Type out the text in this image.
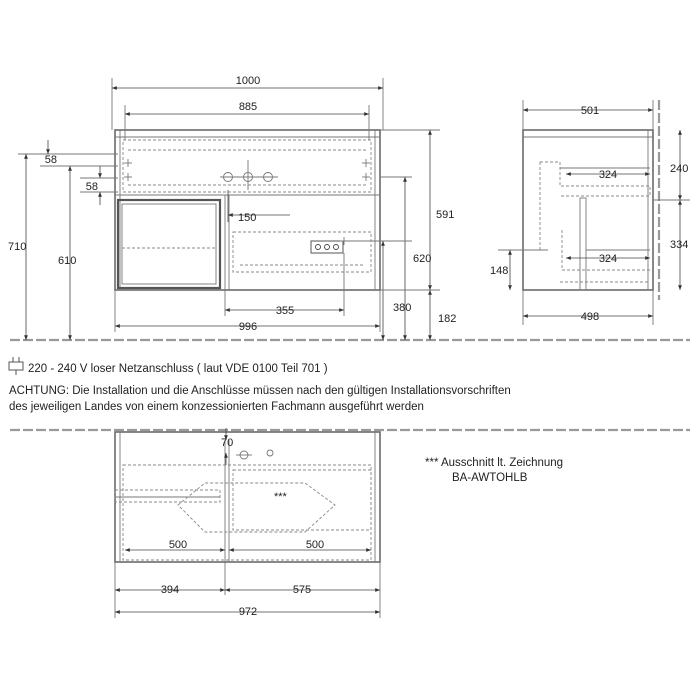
1000
885
58
58
710
610
591
620
380
182
150
355
996
501
498
324
324
240
334
148
220 - 240 V loser Netzanschluss ( laut VDE 0100 Teil 701 )
ACHTUNG: Die Installation und die Anschlüsse müssen nach den gültigen Installationsvorschriften
des jeweiligen Landes von einem konzessionierten Fachmann ausgeführt werden
***
70
500	500
394	575
972
*** Ausschnitt lt. Zeichnung
BA-AWTOHLB
